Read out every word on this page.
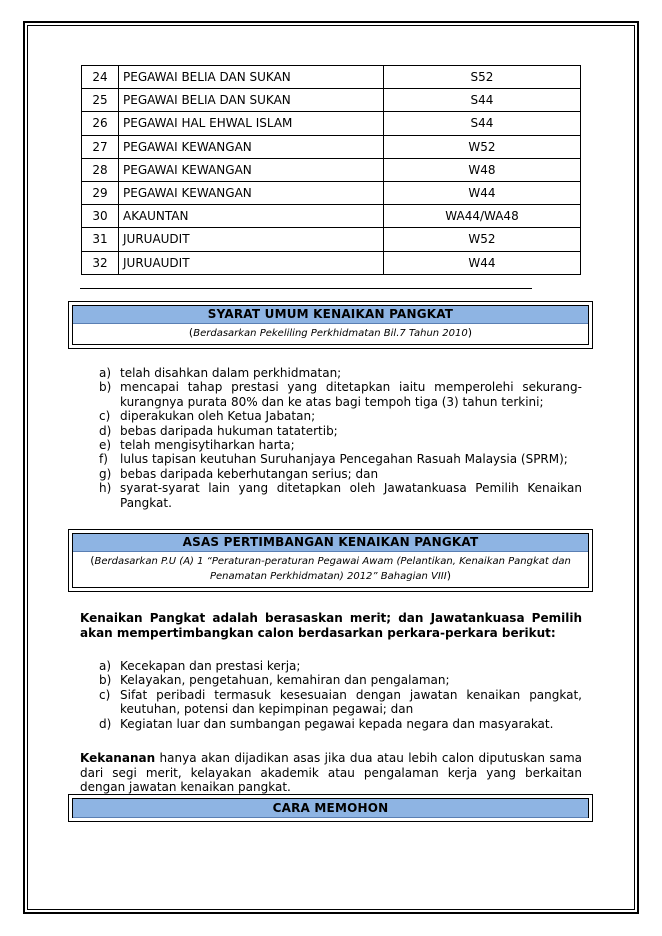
24	PEGAWAI BELIA DAN SUKAN	S52
25	PEGAWAI BELIA DAN SUKAN	S44
26	PEGAWAI HAL EHWAL ISLAM	S44
27	PEGAWAI KEWANGAN	W52
28	PEGAWAI KEWANGAN	W48
29	PEGAWAI KEWANGAN	W44
30	AKAUNTAN	WA44/WA48
31	JURUAUDIT	W52
32	JURUAUDIT	W44
SYARAT UMUM KENAIKAN PANGKAT
(Berdasarkan Pekeliling Perkhidmatan Bil.7 Tahun 2010)
a) telah disahkan dalam perkhidmatan;
b) mencapai tahap prestasi yang ditetapkan iaitu memperolehi sekurang-kurangnya purata 80% dan ke atas bagi tempoh tiga (3) tahun terkini;
c) diperakukan oleh Ketua Jabatan;
d) bebas daripada hukuman tatatertib;
e) telah mengisytiharkan harta;
f) lulus tapisan keutuhan Suruhanjaya Pencegahan Rasuah Malaysia (SPRM);
g) bebas daripada keberhutangan serius; dan
h) syarat-syarat lain yang ditetapkan oleh Jawatankuasa Pemilih Kenaikan Pangkat.
ASAS PERTIMBANGAN KENAIKAN PANGKAT
(Berdasarkan P.U (A) 1 “Peraturan-peraturan Pegawai Awam (Pelantikan, Kenaikan Pangkat dan
Penamatan Perkhidmatan) 2012” Bahagian VIII)
Kenaikan Pangkat adalah berasaskan merit; dan Jawatankuasa Pemilih akan mempertimbangkan calon berdasarkan perkara-perkara berikut:
a) Kecekapan dan prestasi kerja;
b) Kelayakan, pengetahuan, kemahiran dan pengalaman;
c) Sifat peribadi termasuk kesesuaian dengan jawatan kenaikan pangkat, keutuhan, potensi dan kepimpinan pegawai; dan
d) Kegiatan luar dan sumbangan pegawai kepada negara dan masyarakat.
Kekananan hanya akan dijadikan asas jika dua atau lebih calon diputuskan sama dari segi merit, kelayakan akademik atau pengalaman kerja yang berkaitan dengan jawatan kenaikan pangkat.
CARA MEMOHON
